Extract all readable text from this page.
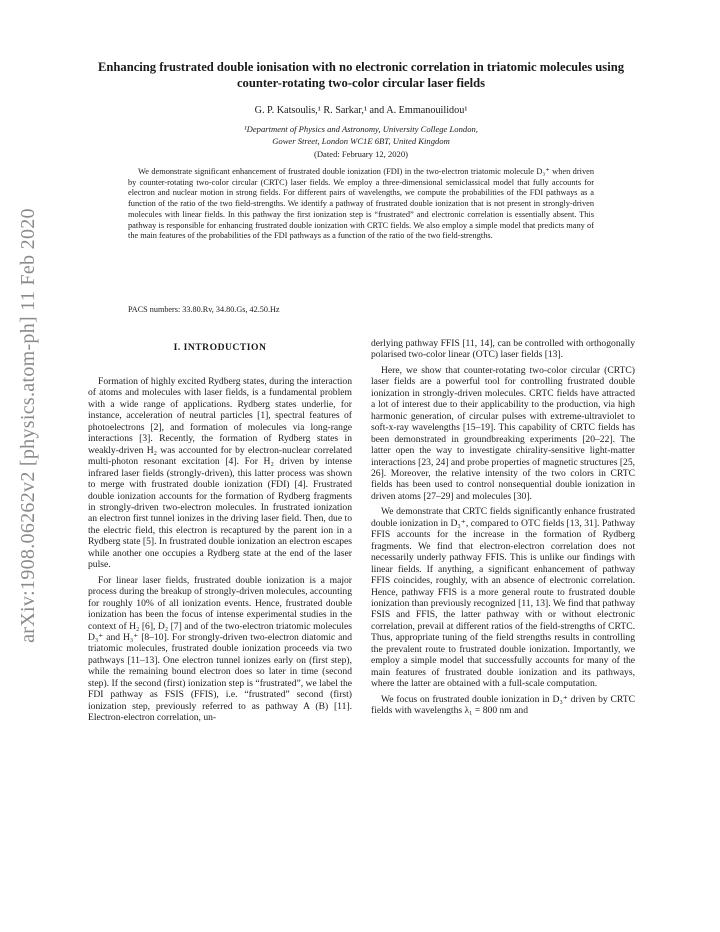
arXiv:1908.06262v2 [physics.atom-ph] 11 Feb 2020
Enhancing frustrated double ionisation with no electronic correlation in triatomic molecules using counter-rotating two-color circular laser fields
G. P. Katsoulis,¹ R. Sarkar,¹ and A. Emmanouilidou¹
¹Department of Physics and Astronomy, University College London,
Gower Street, London WC1E 6BT, United Kingdom
(Dated: February 12, 2020)

We demonstrate significant enhancement of frustrated double ionization (FDI) in the two-electron triatomic molecule D₃⁺ when driven by counter-rotating two-color circular (CRTC) laser fields. We employ a three-dimensional semiclassical model that fully accounts for electron and nuclear motion in strong fields. For different pairs of wavelengths, we compute the probabilities of the FDI pathways as a function of the ratio of the two field-strengths. We identify a pathway of frustrated double ionization that is not present in strongly-driven molecules with linear fields. In this pathway the first ionization step is “frustrated” and electronic correlation is essentially absent. This pathway is responsible for enhancing frustrated double ionization with CRTC fields. We also employ a simple model that predicts many of the main features of the probabilities of the FDI pathways as a function of the ratio of the two field-strengths.

PACS numbers: 33.80.Rv, 34.80.Gs, 42.50.Hz
I. INTRODUCTION

Formation of highly excited Rydberg states, during the interaction of atoms and molecules with laser fields, is a fundamental problem with a wide range of applications. Rydberg states underlie, for instance, acceleration of neutral particles [1], spectral features of photoelectrons [2], and formation of molecules via long-range interactions [3]. Recently, the formation of Rydberg states in weakly-driven H₂ was accounted for by electron-nuclear correlated multi-photon resonant excitation [4]. For H₂ driven by intense infrared laser fields (strongly-driven), this latter process was shown to merge with frustrated double ionization (FDI) [4]. Frustrated double ionization accounts for the formation of Rydberg fragments in strongly-driven two-electron molecules. In frustrated ionization an electron first tunnel ionizes in the driving laser field. Then, due to the electric field, this electron is recaptured by the parent ion in a Rydberg state [5]. In frustrated double ionization an electron escapes while another one occupies a Rydberg state at the end of the laser pulse.

For linear laser fields, frustrated double ionization is a major process during the breakup of strongly-driven molecules, accounting for roughly 10% of all ionization events. Hence, frustrated double ionization has been the focus of intense experimental studies in the context of H₂ [6], D₂ [7] and of the two-electron triatomic molecules D₃⁺ and H₃⁺ [8–10]. For strongly-driven two-electron diatomic and triatomic molecules, frustrated double ionization proceeds via two pathways [11–13]. One electron tunnel ionizes early on (first step), while the remaining bound electron does so later in time (second step). If the second (first) ionization step is “frustrated”, we label the FDI pathway as FSIS (FFIS), i.e. “frustrated” second (first) ionization step, previously referred to as pathway A (B) [11]. Electron-electron correlation, un-

derlying pathway FFIS [11, 14], can be controlled with orthogonally polarised two-color linear (OTC) laser fields [13].

Here, we show that counter-rotating two-color circular (CRTC) laser fields are a powerful tool for controlling frustrated double ionization in strongly-driven molecules. CRTC fields have attracted a lot of interest due to their applicability to the production, via high harmonic generation, of circular pulses with extreme-ultraviolet to soft-x-ray wavelengths [15–19]. This capability of CRTC fields has been demonstrated in groundbreaking experiments [20–22]. The latter open the way to investigate chirality-sensitive light-matter interactions [23, 24] and probe properties of magnetic structures [25, 26]. Moreover, the relative intensity of the two colors in CRTC fields has been used to control nonsequential double ionization in driven atoms [27–29] and molecules [30].

We demonstrate that CRTC fields significantly enhance frustrated double ionization in D₃⁺, compared to OTC fields [13, 31]. Pathway FFIS accounts for the increase in the formation of Rydberg fragments. We find that electron-electron correlation does not necessarily underly pathway FFIS. This is unlike our findings with linear fields. If anything, a significant enhancement of pathway FFIS coincides, roughly, with an absence of electronic correlation. Hence, pathway FFIS is a more general route to frustrated double ionization than previously recognized [11, 13]. We find that pathway FSIS and FFIS, the latter pathway with or without electronic correlation, prevail at different ratios of the field-strengths of CRTC. Thus, appropriate tuning of the field strengths results in controlling the prevalent route to frustrated double ionization. Importantly, we employ a simple model that successfully accounts for many of the main features of frustrated double ionization and its pathways, where the latter are obtained with a full-scale computation.

We focus on frustrated double ionization in D₃⁺ driven by CRTC fields with wavelengths λ₁ = 800 nm and
